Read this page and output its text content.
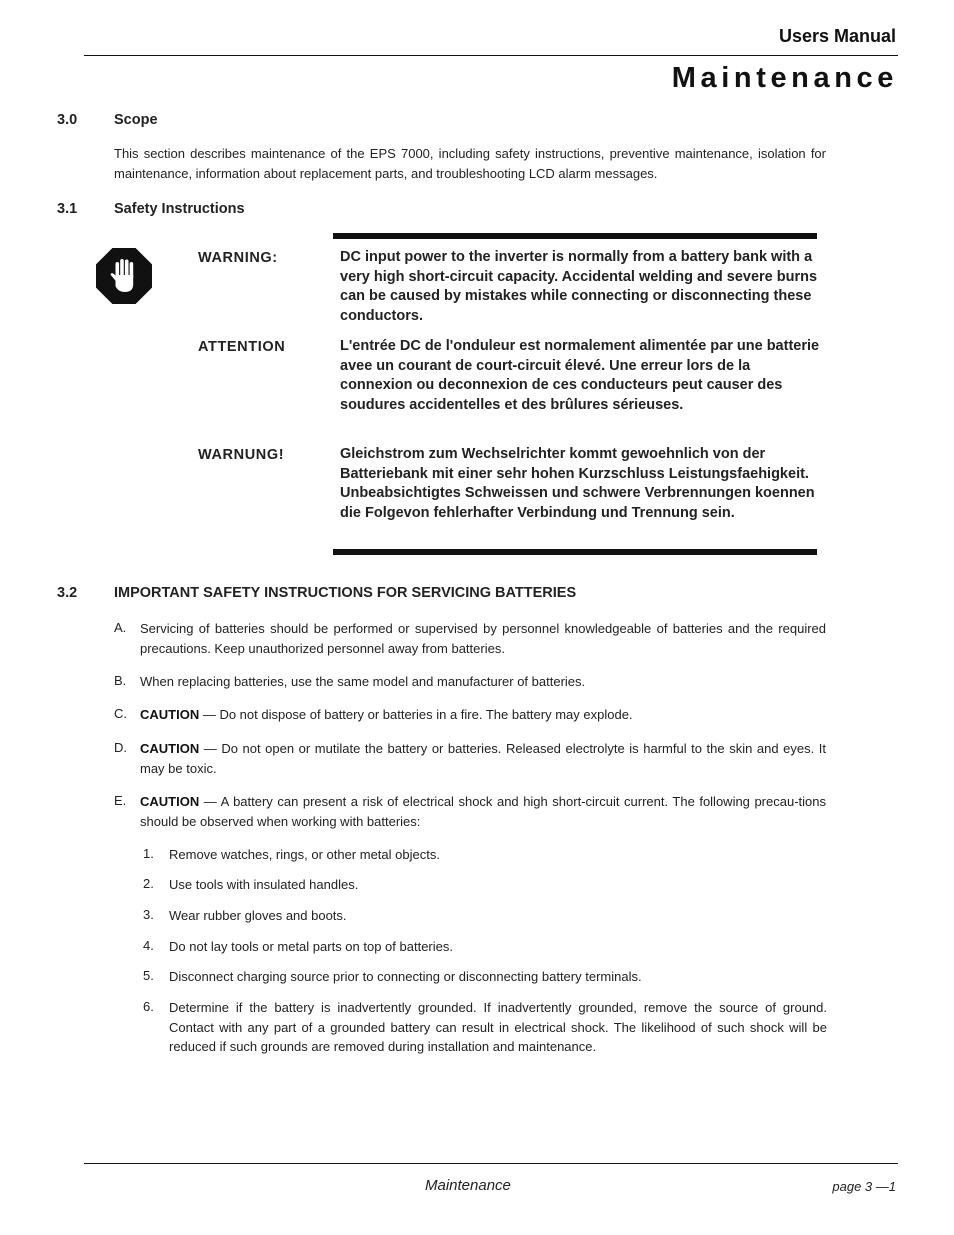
Users Manual
Maintenance
3.0	Scope
This section describes maintenance of the EPS 7000, including safety instructions, preventive maintenance, isolation for maintenance, information about replacement parts, and troubleshooting LCD alarm messages.
3.1	Safety Instructions
WARNING:	DC input power to the inverter is normally from a battery bank with a very high short-circuit capacity. Accidental welding and severe burns can be caused by mistakes while connecting or disconnecting these conductors.
ATTENTION	L'entrée DC de l'onduleur est normalement alimentée par une batterie avee un courant de court-circuit élevé. Une erreur lors de la connexion ou deconnexion de ces conducteurs peut causer des soudures accidentelles et des brûlures sérieuses.
WARNUNG!	Gleichstrom zum Wechselrichter kommt gewoehnlich von der Batteriebank mit einer sehr hohen Kurzschluss Leistungsfaehigkeit. Unbeabsichtigtes Schweissen und schwere Verbrennungen koennen die Folgevon fehlerhafter Verbindung und Trennung sein.
3.2	IMPORTANT SAFETY INSTRUCTIONS FOR SERVICING BATTERIES
A. Servicing of batteries should be performed or supervised by personnel knowledgeable of batteries and the required precautions. Keep unauthorized personnel away from batteries.
B. When replacing batteries, use the same model and manufacturer of batteries.
C. CAUTION — Do not dispose of battery or batteries in a fire. The battery may explode.
D. CAUTION — Do not open or mutilate the battery or batteries. Released electrolyte is harmful to the skin and eyes. It may be toxic.
E. CAUTION — A battery can present a risk of electrical shock and high short-circuit current. The following precau-tions should be observed when working with batteries:
1. Remove watches, rings, or other metal objects.
2. Use tools with insulated handles.
3. Wear rubber gloves and boots.
4. Do not lay tools or metal parts on top of batteries.
5. Disconnect charging source prior to connecting or disconnecting battery terminals.
6. Determine if the battery is inadvertently grounded. If inadvertently grounded, remove the source of ground. Contact with any part of a grounded battery can result in electrical shock. The likelihood of such shock will be reduced if such grounds are removed during installation and maintenance.
Maintenance	page 3 —1
